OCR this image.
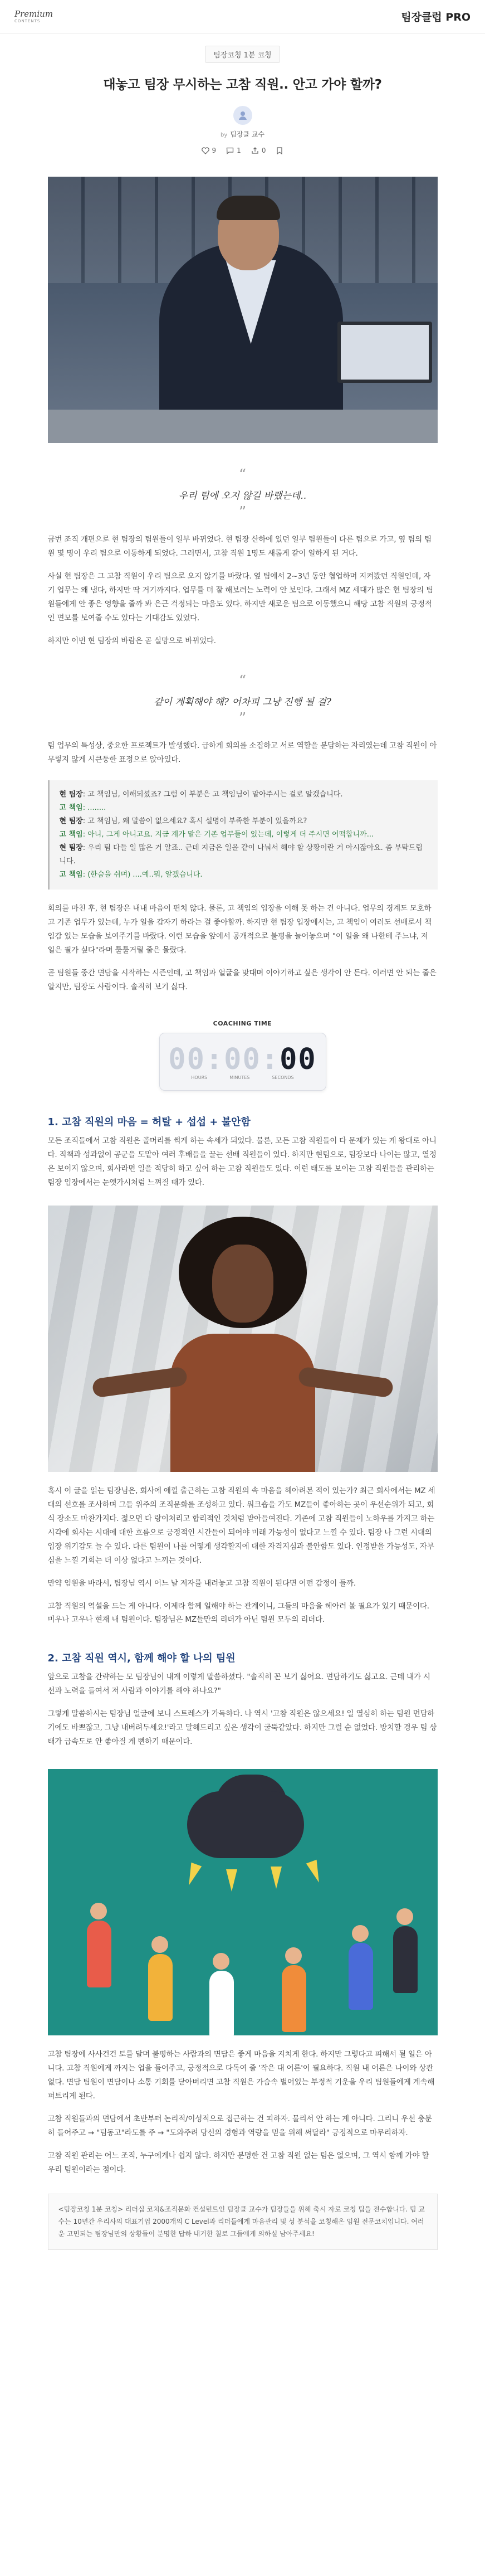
Premium
CONTENTS	팀장클럽 PRO
팀장코칭 1분 코칭
대놓고 팀장 무시하는 고참 직원.. 안고 가야 할까?
by 팀장클 교수
9	1	0
“

우리 팀에 오지 않길 바랬는데..

”

금번 조직 개편으로 현 팀장의 팀원들이 일부 바뀌었다. 현 팀장 산하에 있던 일부 팀원들이 다른 팀으로 가고, 옆 팀의 팀원 몇 명이 우리 팀으로 이동하게 되었다. 그러면서, 고참 직원 1명도 새롭게 같이 일하게 된 거다.

사실 현 팀장은 그 고참 직원이 우리 팀으로 오지 않기를 바랐다. 옆 팀에서 2~3년 동안 협업하며 지켜봤던 직원인데, 자기 업무는 왜 냄다, 하지만 딱 거기까지다. 업무를 더 잘 해보려는 노력이 안 보인다. 그래서 MZ 세대가 많은 현 팀장의 팀원들에게 안 좋은 영향을 줄까 봐 은근 걱정되는 마음도 있다. 하지만 새로운 팀으로 이동했으니 해당 고참 직원의 긍정적인 면모를 보여줄 수도 있다는 기대감도 있었다.

하지만 이번 현 팀장의 바람은 곧 실망으로 바뀌었다.

“

같이 계획해야 해? 어차피 그냥 진행 될 걸?

”

팀 업무의 특성상, 중요한 프로젝트가 발생했다. 급하게 회의를 소집하고 서로 역할을 분담하는 자리였는데 고참 직원이 아무렇지 않게 시큰둥한 표정으로 앉아있다.

현 팀장: 고 책임님, 이해되셨죠? 그럼 이 부분은 고 책임님이 맡아주시는 걸로 알겠습니다.
고 책임: ........
현 팀장: 고 책임님, 왜 말씀이 없으세요? 혹시 설명이 부족한 부분이 있을까요?
고 책임: 아니, 그게 아니고요. 지금 계가 맡은 기존 업무들이 있는데, 이렇게 더 주시면 어떡합니까...
현 팀장: 우리 팀 다들 일 많은 거 알죠.. 근데 지금은 일을 같이 나눠서 해야 할 상황이란 거 아시잖아요. 좀 부탁드립니다.
고 책임: (한숨을 쉬며) ....예..뭐, 알겠습니다.

회의를 마친 후, 현 팀장은 내내 마음이 편치 않다. 물론, 고 책임의 입장을 이해 못 하는 건 아니다. 업무의 경계도 모호하고 기존 업무가 있는데, 누가 일을 갑자기 하라는 걸 좋아할까. 하지만 현 팀장 입장에서는, 고 책임이 여러도 선배로서 책임감 있는 모습을 보여주기를 바랐다. 이런 모습을 앞에서 공개적으로 불평을 늘어놓으며 "이 일을 왜 나한테 주느냐, 저 일은 필가 싶다"라며 툴툴거릴 줄은 몰랐다.

곧 팀원들 중간 면담을 시작하는 시즌인데, 고 책임과 얼굴을 맞대며 이야기하고 싶은 생각이 안 든다. 이러면 안 되는 줄은 알지만, 팀장도 사람이다. 솔직히 보기 싫다.

COACHING TIME
00:00:00
HOURS	MINUTES	SECONDS
1. 고참 직원의 마음 = 허탈 + 섭섭 + 불안함

모든 조직들에서 고참 직원은 골머리를 썩게 하는 속세가 되었다. 물론, 모든 고참 직원들이 다 문제가 있는 게 왕대로 아니다. 직책과 성과없이 공군을 도맡아 여러 후배들을 끌는 선배 직원들이 있다. 하지만 현팀으로, 팀장보다 나이는 많고, 열정은 보이지 않으며, 회사라면 일을 적당히 하고 싶어 하는 고참 직원들도 있다. 이런 태도를 보이는 고참 직원들을 관리하는 팀장 입장에서는 눈엣가시처럼 느껴질 때가 있다.

혹시 이 글을 읽는 팀장님은, 회사에 애낄 출근하는 고참 직원의 속 마음을 헤아려본 적이 있는가? 최근 회사에서는 MZ 세대의 선호를 조사하며 그들 위주의 조직문화를 조성하고 있다. 워크숍을 가도 MZ들이 좋아하는 곳이 우선순위가 되고, 회식 장소도 마찬가지다. 젊으면 다 랑이처리고 합리적인 것처럼 받아들여진다. 기존에 고참 직원들이 노하우를 가지고 하는 시각에 회사는 시대에 대한 흐름으로 긍정적인 시간들이 되어야 미래 가능성이 없다고 느낄 수 있다. 팀장 나 그런 시대의 입장 위기감도 늘 수 있다. 다른 팀원이 나를 어떻게 생각할지에 대한 자격지심과 불안함도 있다. 인정받을 가능성도, 자부심을 느낄 기회는 더 이상 없다고 느끼는 것이다.

만약 임원을 바라서, 팀장님 역시 어느 날 저자를 내려놓고 고참 직원이 된다면 어떤 감정이 들까.

고참 직원의 역설을 드는 게 아니다. 이제라 함께 일해야 하는 관계이니, 그들의 마음을 헤아려 볼 필요가 있기 때문이다. 미우나 고우나 현재 내 팀원이다. 팀장님은 MZ들만의 리더가 아닌 팀원 모두의 리더다.

2. 고참 직원 역시, 함께 해야 할 나의 팀원

앞으로 고참을 간략하는 모 팀장님이 내게 이렇게 말씀하셨다. "솔직히 꼰 보기 싫어요. 면담하기도 싫고요. 근데 내가 시선과 노력을 들여서 저 사람과 이야기를 해야 하나요?"

그렇게 말씀하시는 팀장님 얼굴에 보니 스트레스가 가득하다. 나 역시 '고참 직원은 않으세요! 일 열심히 하는 팀원 면담하기에도 바쁘잖고, 그냥 내버려두세요!'라고 말해드리고 싶은 생각이 굴뚝같았다. 하지만 그럴 순 없었다. 방치할 경우 팀 상태가 급속도로 안 좋아질 게 뻔하기 때문이다.

고참 팀장에 사사건건 토를 달며 불평하는 사람과의 면담은 좋게 마음을 지치게 한다. 하지만 그렇다고 피해서 될 일은 아니다. 고참 직원에게 까지는 업을 들어주고, 긍정적으로 다독여 줄 '작은 대 어른'이 필요하다. 직원 내 어른은 나이와 상관없다. 면담 팀원이 면담이나 소통 기회를 닫아버리면 고참 직원은 가슴속 벌어있는 부정적 기운을 우리 팀원들에게 계속해 퍼트리게 된다.

고참 직원들과의 면담에서 초반부터 논리적/이성적으로 접근하는 건 피하자. 물리서 안 하는 게 아니다. 그리니 우선 충분히 들어주고 → "팀동고"라도를 주 → "도와주려 당신의 경험과 역량을 믿을 위해 써달라" 긍정적으로 마무리하자.

고참 직원 관리는 어느 조직, 누구에게나 쉽지 않다. 하지만 분명한 건 고참 직원 없는 팀은 없으며, 그 역시 함께 가야 할 우리 팀원이라는 점이다.

<팀장코칭 1분 코칭> 리더십 코치&조직문화 컨설턴트인 팀장클 교수가 팀장들을 위해 축시 자로 코칭 팁을 전수합니다. 팀 교수는 10년간 우리사의 대표기업 2000개의 C Level과 리더들에게 마음관리 및 성 분석을 코칭해온 임원 전문코치입니다. 여러운 고민되는 팀장님만의 상황들이 분명한 답하 내거한 칠로 그들에게 의하실 남아주세요!
